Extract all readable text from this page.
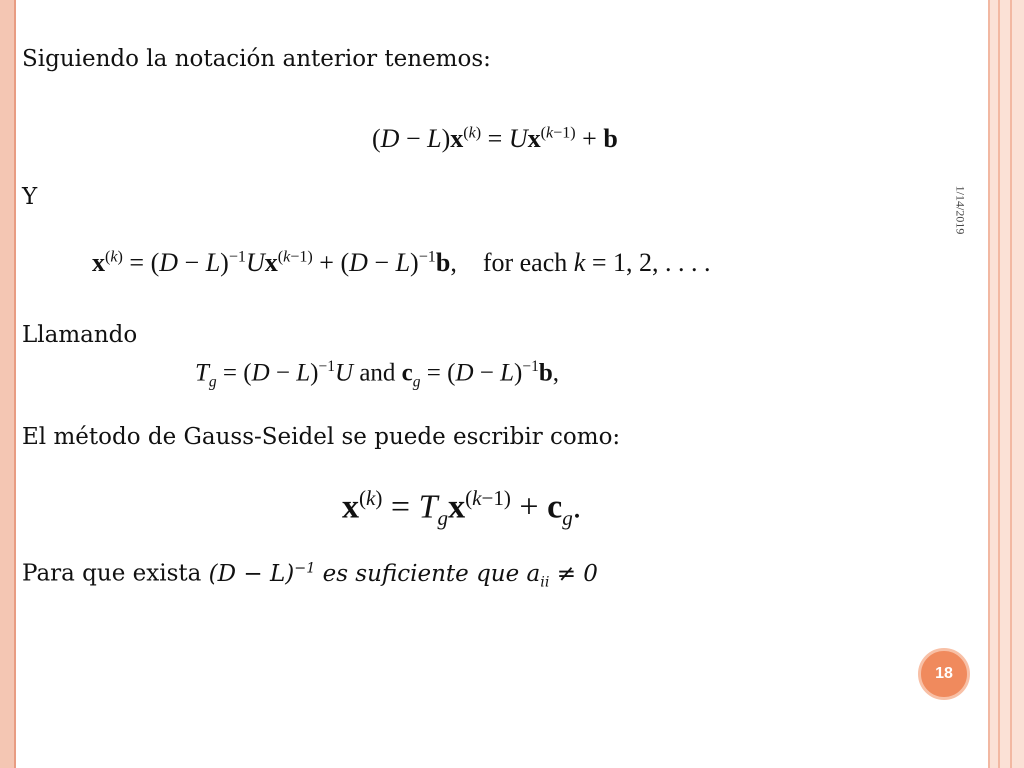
1/14/2019
Siguiendo la notación anterior tenemos:
$(D - L)x^{(k)} = Ux^{(k-1)} + b$
Y
$x^{(k)} = (D - L)^{-1}Ux^{(k-1)} + (D - L)^{-1}b$,    for each k = 1, 2, . . . .
Llamando
$T_g = (D - L)^{-1}U$ and $c_g = (D - L)^{-1}b$,
El método de Gauss-Seidel se puede escribir como:
$x^{(k)} = T_gx^{(k-1)} + c_g$.
Para que exista $(D - L)^{-1}$ es suficiente que $a_{ii} \ne 0$
18
